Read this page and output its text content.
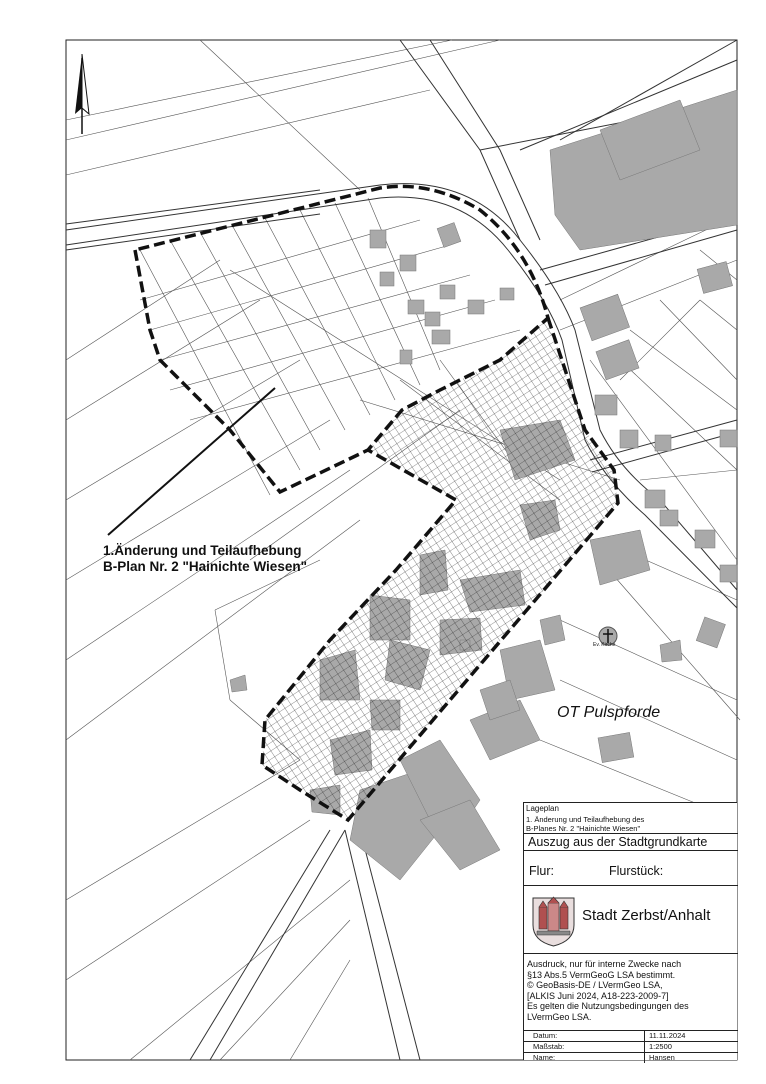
1.Änderung und Teilaufhebung
B-Plan Nr. 2 "Hainichte Wiesen"
OT Pulspforde
Ev. Kirche
Lageplan
1. Änderung und Teilaufhebung des
B-Planes Nr. 2 "Hainichte Wiesen"
Auszug aus der Stadtgrundkarte
Flur:	Flurstück:
Stadt Zerbst/Anhalt
Ausdruck, nur für interne Zwecke nach
§13 Abs.5 VermGeoG LSA bestimmt.
© GeoBasis-DE / LVermGeo LSA,
[ALKIS Juni 2024, A18-223-2009-7]
Es gelten die Nutzungsbedingungen des
LVermGeo LSA.
Datum:	11.11.2024
Maßstab:	1:2500
Name:	Hansen
